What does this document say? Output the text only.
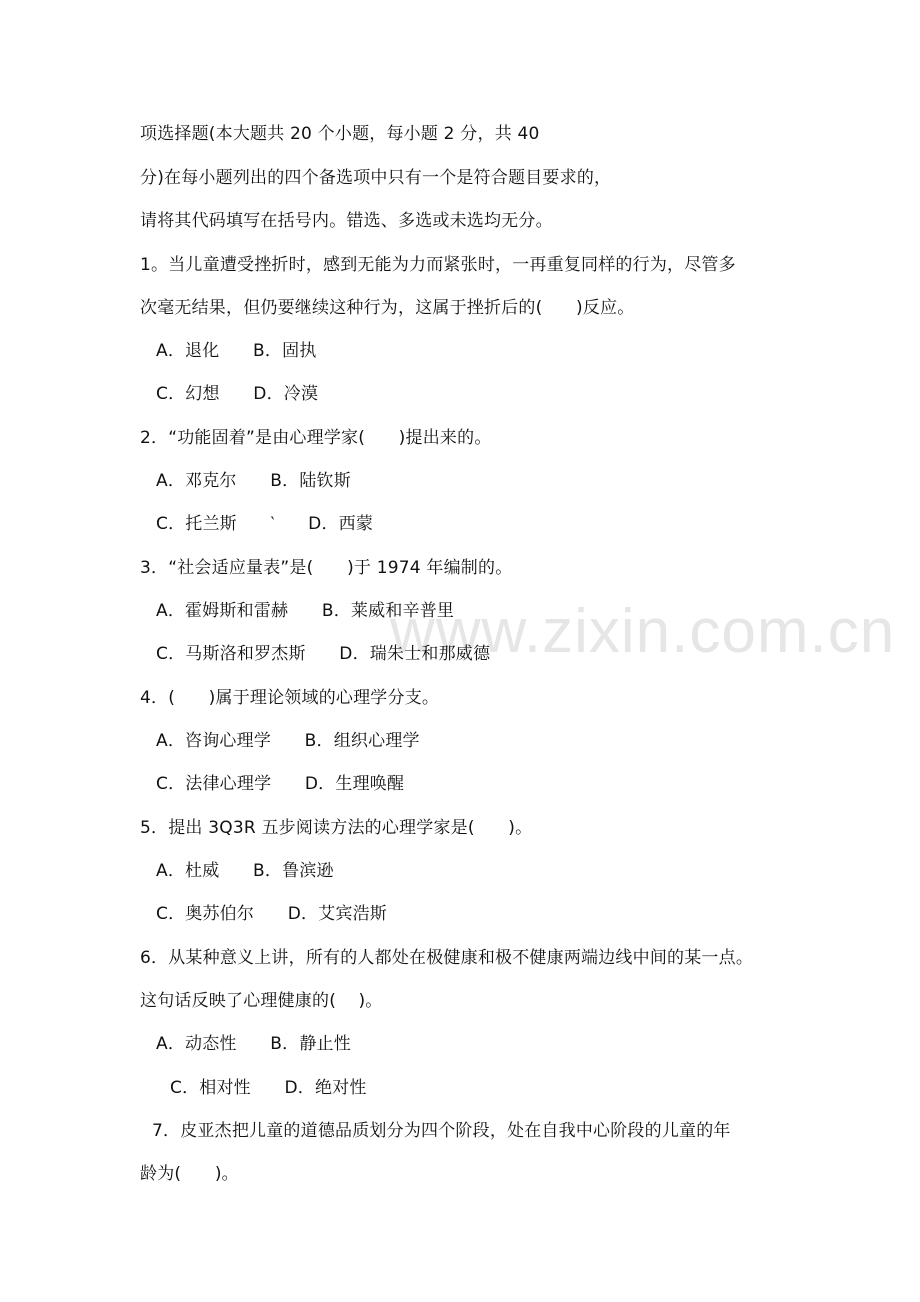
www.zixin.com.cn
项选择题(本大题共 20 个小题，每小题 2 分，共 40
分)在每小题列出的四个备选项中只有一个是符合题目要求的，
请将其代码填写在括号内。错选、多选或未选均无分。
1。当儿童遭受挫折时，感到无能为力而紧张时，一再重复同样的行为，尽管多
次毫无结果，但仍要继续这种行为，这属于挫折后的(      )反应。
A．退化      B．固执
C．幻想      D．冷漠
2．“功能固着”是由心理学家(      )提出来的。
A．邓克尔      B．陆钦斯
C．托兰斯      ‵      D．西蒙
3．“社会适应量表”是(      )于 1974 年编制的。
A．霍姆斯和雷赫      B．莱威和辛普里
C．马斯洛和罗杰斯      D．瑞朱士和那威德
4．(      )属于理论领域的心理学分支。
A．咨询心理学      B．组织心理学
C．法律心理学      D．生理唤醒
5．提出 3Q3R 五步阅读方法的心理学家是(      )。
A．杜威      B．鲁滨逊
C．奥苏伯尔      D．艾宾浩斯
6．从某种意义上讲，所有的人都处在极健康和极不健康两端边线中间的某一点。
这句话反映了心理健康的(    )。
A．动态性      B．静止性
C．相对性      D．绝对性
7．皮亚杰把儿童的道德品质划分为四个阶段，处在自我中心阶段的儿童的年
龄为(      )。
